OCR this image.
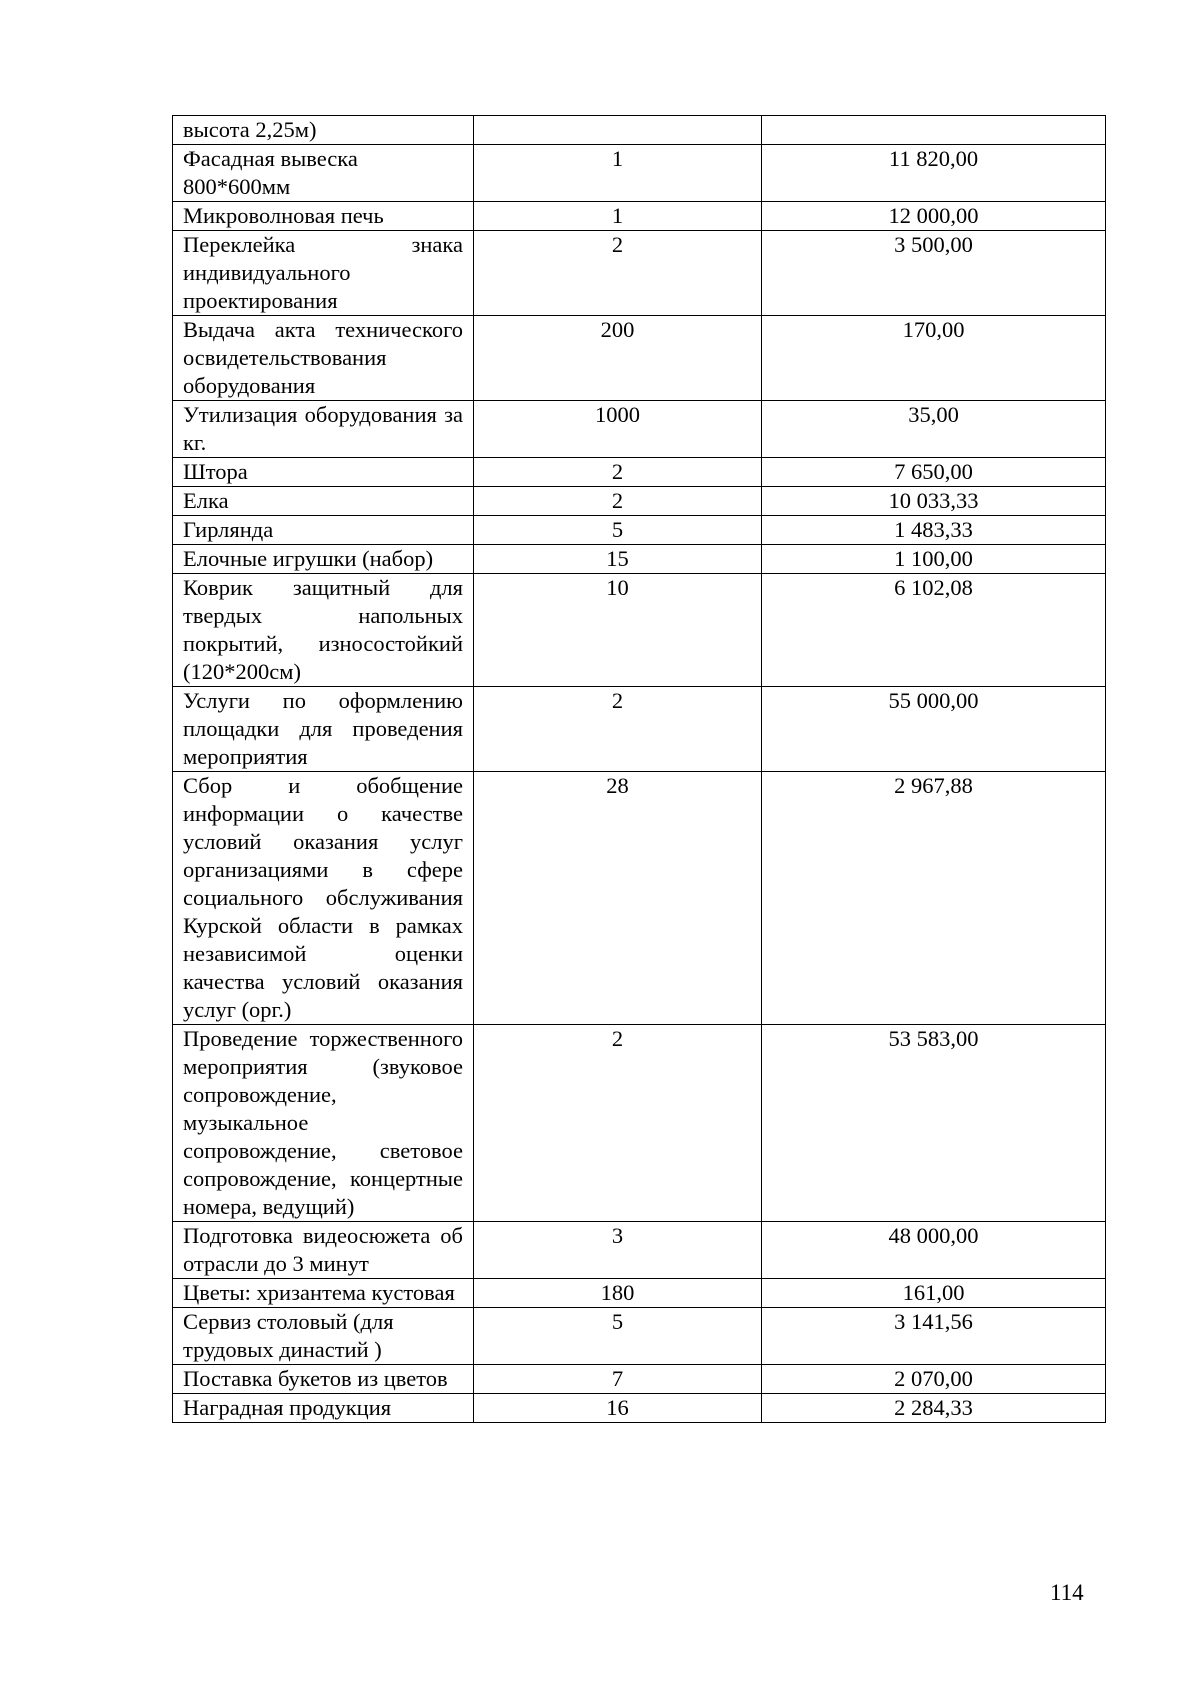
высота 2,25м)		
Фасадная вывеска 800*600мм	1	11 820,00
Микроволновая печь	1	12 000,00
Переклейка знака индивидуального проектирования	2	3 500,00
Выдача акта технического освидетельствования оборудования	200	170,00
Утилизация оборудования за кг.	1000	35,00
Штора	2	7 650,00
Елка	2	10 033,33
Гирлянда	5	1 483,33
Елочные игрушки (набор)	15	1 100,00
Коврик защитный для твердых напольных покрытий, износостойкий (120*200см)	10	6 102,08
Услуги по оформлению площадки для проведения мероприятия	2	55 000,00
Сбор и обобщение информации о качестве условий оказания услуг организациями в сфере социального обслуживания Курской области в рамках независимой оценки качества условий оказания услуг (орг.)	28	2 967,88
Проведение торжественного мероприятия (звуковое сопровождение, музыкальное сопровождение, световое сопровождение, концертные номера, ведущий)	2	53 583,00
Подготовка видеосюжета об отрасли до 3 минут	3	48 000,00
Цветы: хризантема кустовая	180	161,00
Сервиз столовый (для трудовых династий )	5	3 141,56
Поставка букетов из цветов	7	2 070,00
Наградная продукция	16	2 284,33
114
